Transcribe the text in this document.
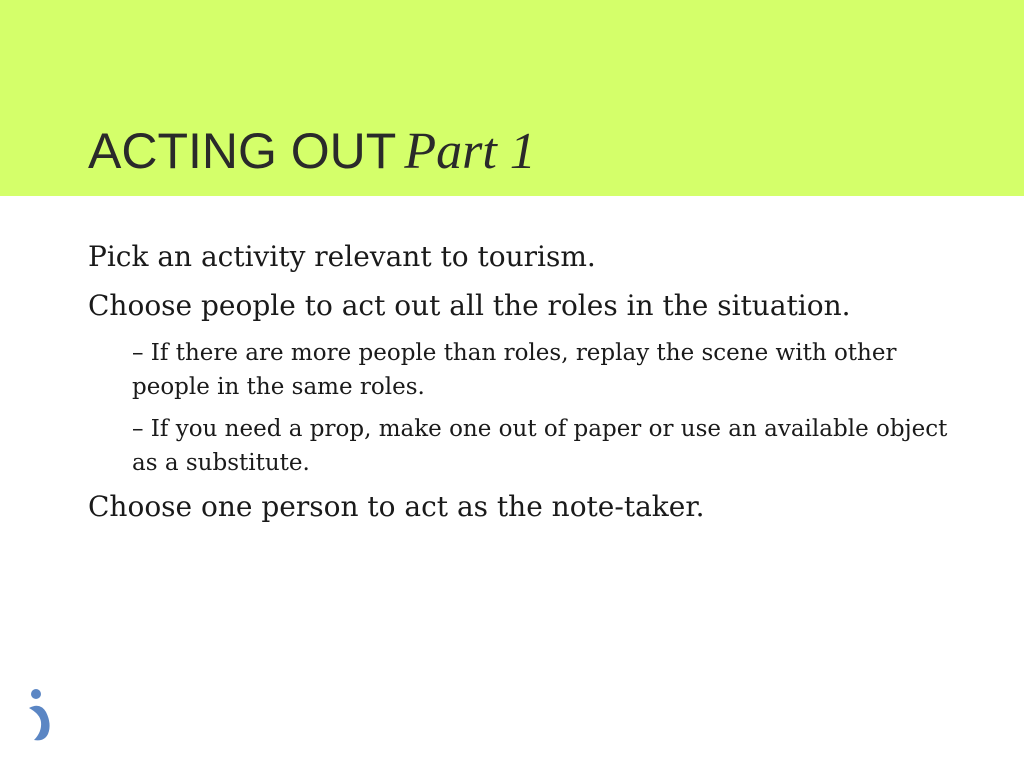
ACTING OUT Part 1

Pick an activity relevant to tourism.

Choose people to act out all the roles in the situation.

– If there are more people than roles, replay the scene with other people in the same roles.

– If you need a prop, make one out of paper or use an available object as a substitute.

Choose one person to act as the note-taker.
